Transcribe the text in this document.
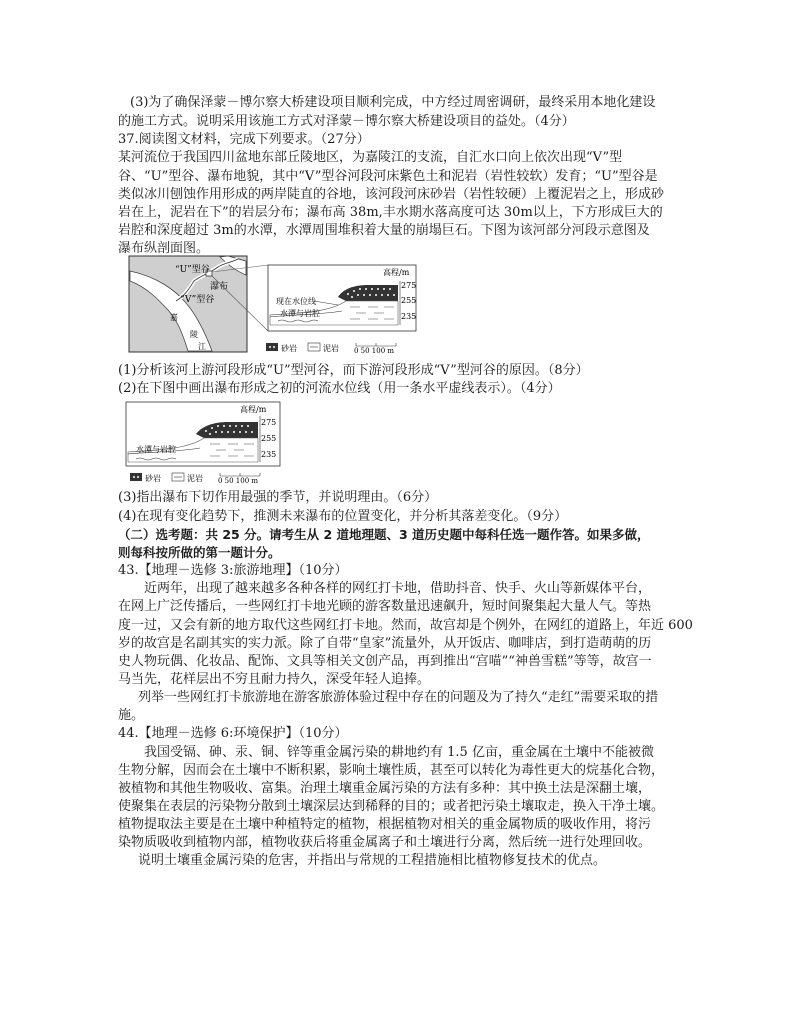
(3)为了确保泽蒙－博尔察大桥建设项目顺利完成，中方经过周密调研，最终采用本地化建设
的施工方式。说明采用该施工方式对泽蒙－博尔察大桥建设项目的益处。（4分）
37.阅读图文材料，完成下列要求。（27分）
某河流位于我国四川盆地东部丘陵地区，为嘉陵江的支流，自汇水口向上依次出现“V”型
谷、“U”型谷、瀑布地貌，其中“V”型谷河段河床紫色土和泥岩（岩性较软）发育；“U”型谷是
类似冰川刨蚀作用形成的两岸陡直的谷地，该河段河床砂岩（岩性较硬）上覆泥岩之上，形成砂
岩在上，泥岩在下”的岩层分布；瀑布高 38m,丰水期水落高度可达 30m以上，下方形成巨大的
岩腔和深度超过 3m的水潭，水潭周围堆积着大量的崩塌巨石。下图为该河部分河段示意图及
瀑布纵剖面图。
“U”型谷
瀑布
“V”型谷
嘉
陵
江
高程/m
275
255
235
现在水位线
水潭与岩腔
砂岩	泥岩 0 50 100 m
(1)分析该河上游河段形成“U”型河谷，而下游河段形成“V”型河谷的原因。（8分）
(2)在下图中画出瀑布形成之初的河流水位线（用一条水平虚线表示）。（4分）
高程/m
275
255
235
水潭与岩腔
砂岩	泥岩 0 50 100 m
(3)指出瀑布下切作用最强的季节，并说明理由。（6分）
(4)在现有变化趋势下，推测未来瀑布的位置变化，并分析其落差变化。（9分）
（二）选考题：共 25 分。请考生从 2 道地理题、3 道历史题中每科任选一题作答。如果多做，
则每科按所做的第一题计分。
43.【地理－选修 3:旅游地理】（10分）
近两年，出现了越来越多各种各样的网红打卡地，借助抖音、快手、火山等新媒体平台，
在网上广泛传播后，一些网红打卡地光顾的游客数量迅速飙升，短时间聚集起大量人气。等热
度一过，又会有新的地方取代这些网红打卡地。然而，故宫却是个例外，在网红的道路上，年近 600
岁的故宫是名副其实的实力派。除了自带“皇家”流量外，从开饭店、咖啡店，到打造萌萌的历
史人物玩偶、化妆品、配饰、文具等相关文创产品，再到推出“宫喵”“神兽雪糕”等等，故宫一
马当先，花样层出不穷且耐力持久，深受年轻人追捧。
列举一些网红打卡旅游地在游客旅游体验过程中存在的问题及为了持久“走红”需要采取的措
施。
44.【地理－选修 6:环境保护】（10分）
我国受镉、砷、汞、铜、锌等重金属污染的耕地约有 1.5 亿亩，重金属在土壤中不能被微
生物分解，因而会在土壤中不断积累，影响土壤性质，甚至可以转化为毒性更大的烷基化合物，
被植物和其他生物吸收、富集。治理土壤重金属污染的方法有多种：其中换土法是深翻土壤，
使聚集在表层的污染物分散到土壤深层达到稀释的目的；或者把污染土壤取走，换入干净土壤。
植物提取法主要是在土壤中种植特定的植物，根据植物对相关的重金属物质的吸收作用，将污
染物质吸收到植物内部，植物收获后将重金属离子和土壤进行分离，然后统一进行处理回收。
说明土壤重金属污染的危害，并指出与常规的工程措施相比植物修复技术的优点。
